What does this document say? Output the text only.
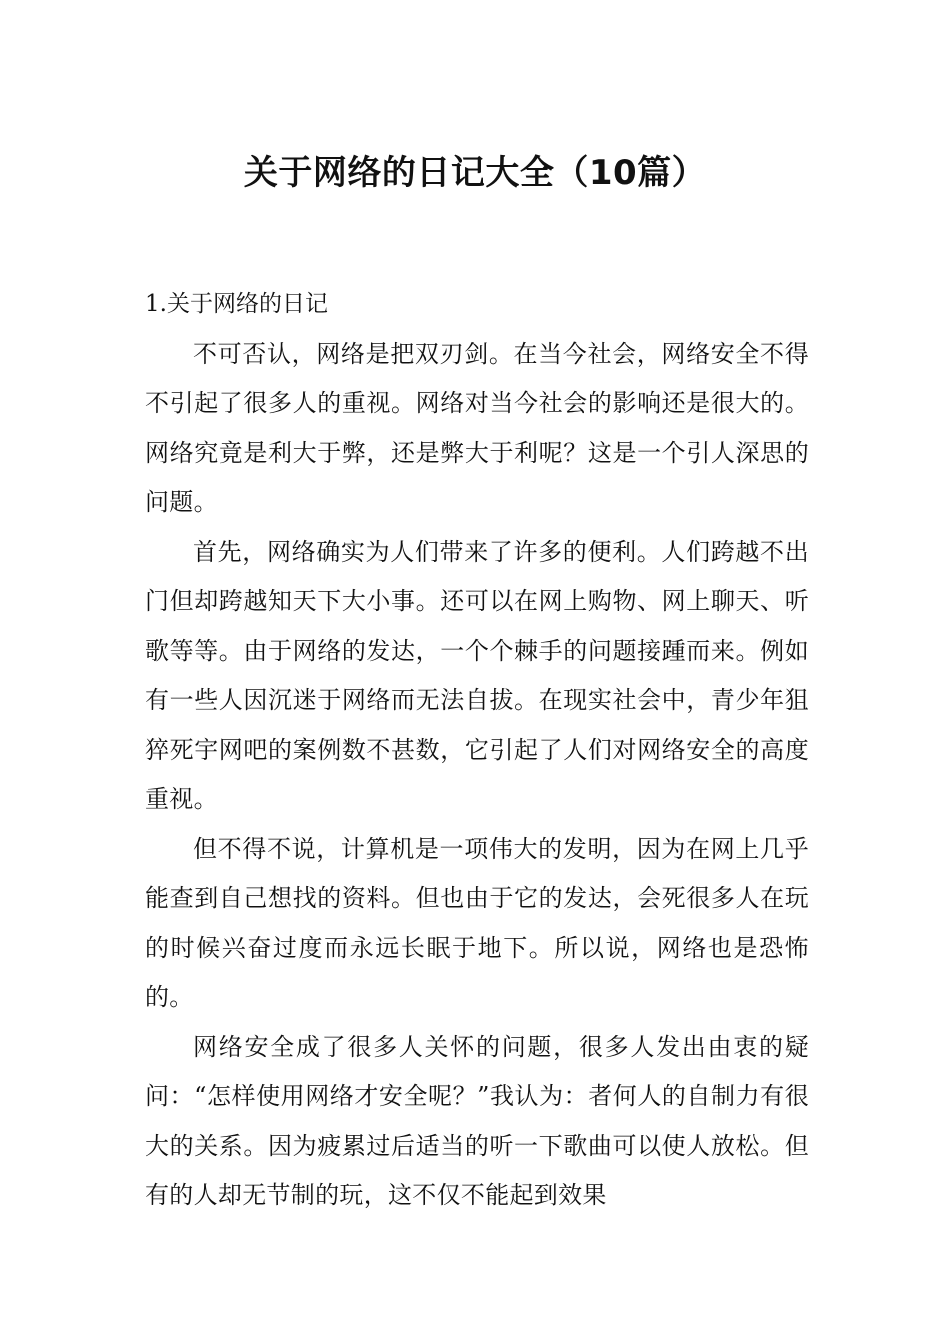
关于网络的日记大全（10篇）

1.关于网络的日记

不可否认，网络是把双刃剑。在当今社会，网络安全不得不引起了很多人的重视。网络对当今社会的影响还是很大的。网络究竟是利大于弊，还是弊大于利呢？这是一个引人深思的问题。

首先，网络确实为人们带来了许多的便利。人们跨越不出门但却跨越知天下大小事。还可以在网上购物、网上聊天、听歌等等。由于网络的发达，一个个棘手的问题接踵而来。例如有一些人因沉迷于网络而无法自拔。在现实社会中，青少年狙猝死宇网吧的案例数不甚数，它引起了人们对网络安全的高度重视。

但不得不说，计算机是一项伟大的发明，因为在网上几乎能查到自己想找的资料。但也由于它的发达，会死很多人在玩的时候兴奋过度而永远长眠于地下。所以说，网络也是恐怖的。

网络安全成了很多人关怀的问题，很多人发出由衷的疑问：“怎样使用网络才安全呢？”我认为：者何人的自制力有很大的关系。因为疲累过后适当的听一下歌曲可以使人放松。但有的人却无节制的玩，这不仅不能起到效果
